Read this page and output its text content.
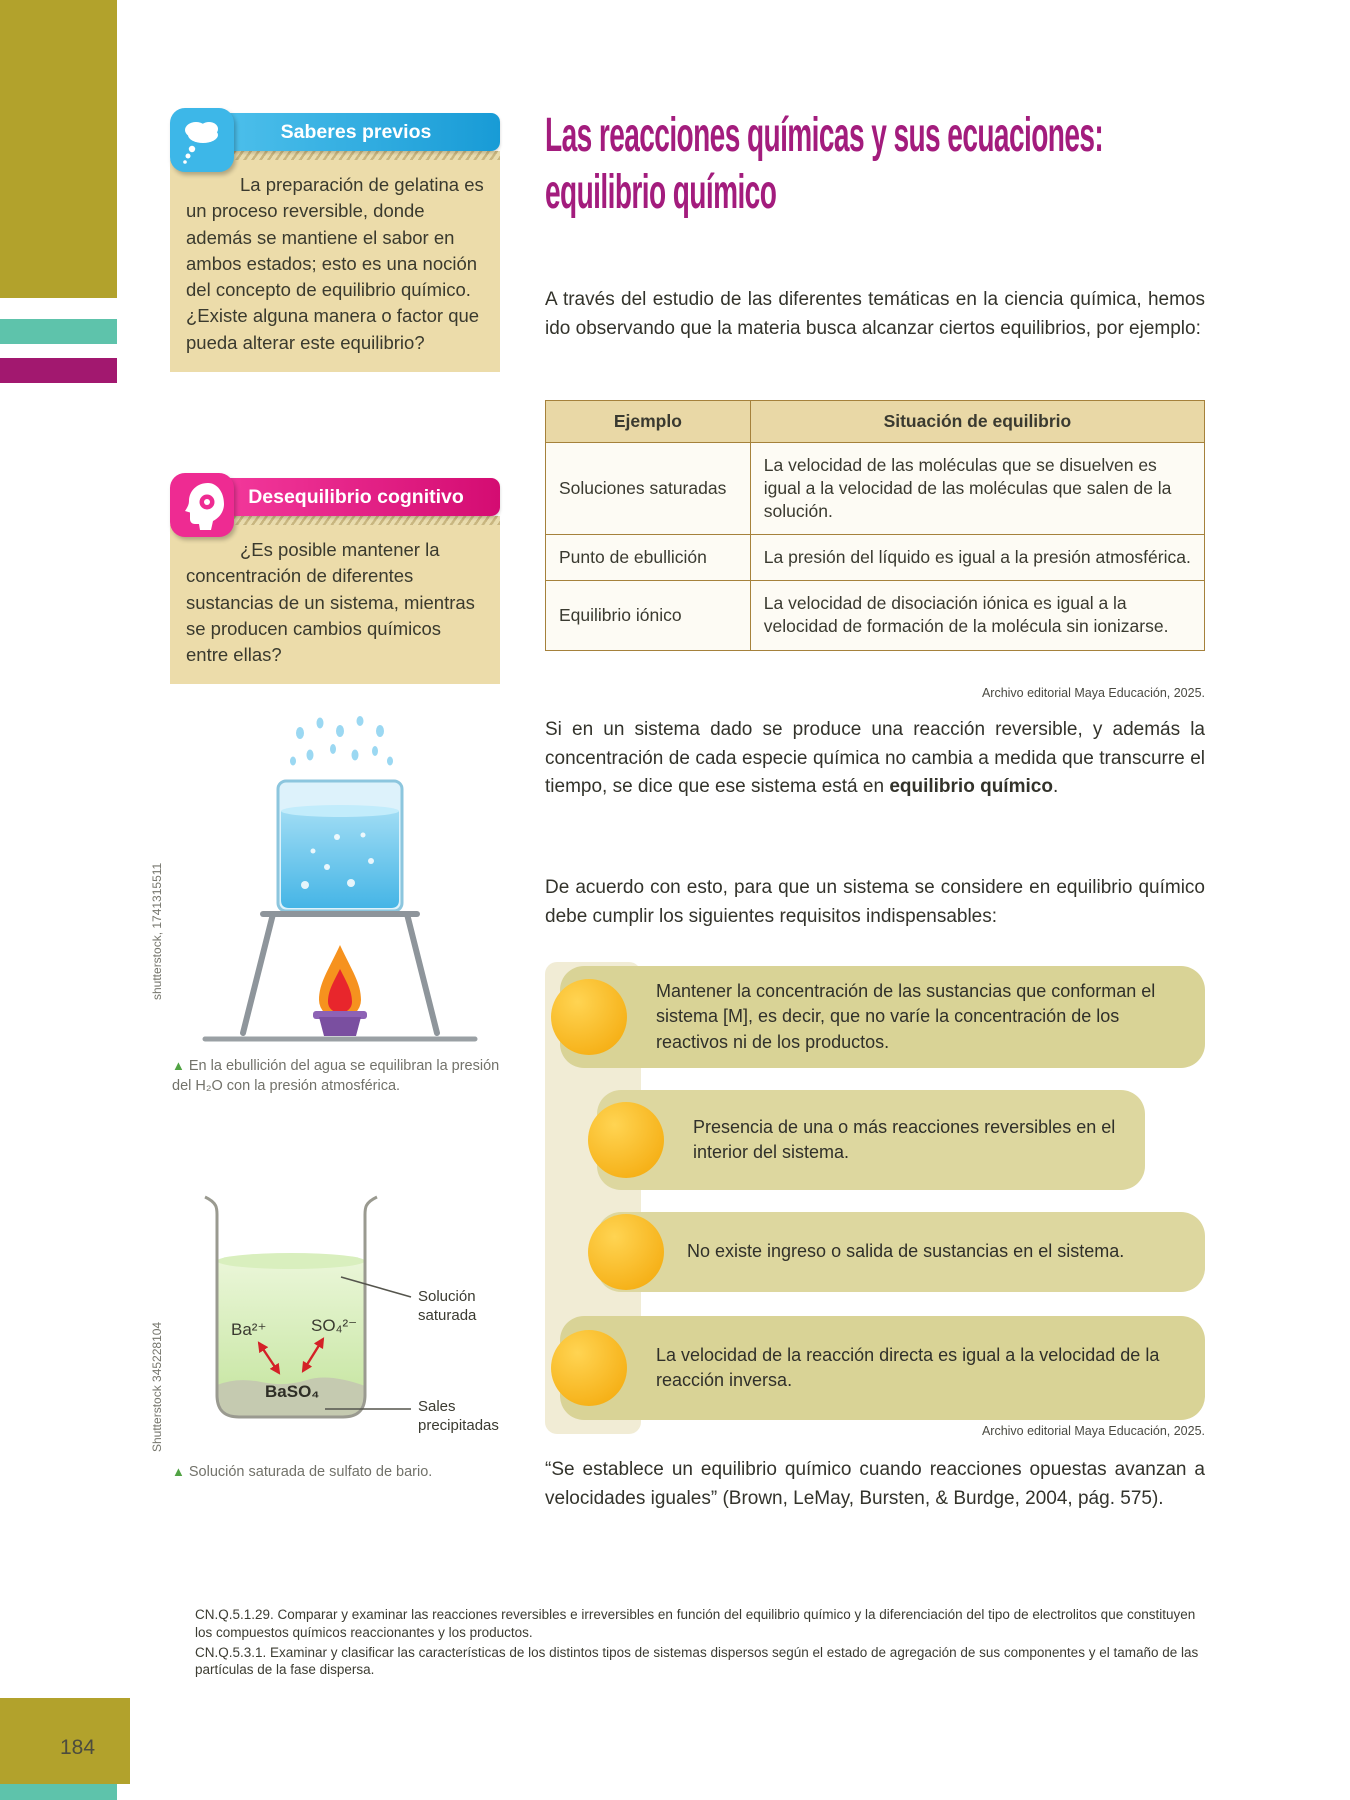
184
Saberes previos
La preparación de gelatina es un proceso reversible, donde además se mantiene el sabor en ambos estados; esto es una noción del concepto de equilibrio químico. ¿Existe alguna manera o factor que pueda alterar este equilibrio?
Desequilibrio cognitivo
¿Es posible mantener la concentración de diferentes sustancias de un sistema, mientras se producen cambios químicos entre ellas?
shutterstock, 1741315511

▲ En la ebullición del agua se equilibran la presión del H₂O con la presión atmosférica.

Shutterstock 345228104	Ba²⁺	SO₄²⁻
BaSO₄
Solución saturada
Sales precipitadas

▲ Solución saturada de sulfato de bario.

Las reacciones químicas y sus ecuaciones:
equilibrio químico

A través del estudio de las diferentes temáticas en la ciencia química, hemos ido observando que la materia busca alcanzar ciertos equilibrios, por ejemplo:

Ejemplo	Situación de equilibrio
Soluciones saturadas	La velocidad de las moléculas que se disuelven es igual a la velocidad de las moléculas que salen de la solución.
Punto de ebullición	La presión del líquido es igual a la presión atmosférica.
Equilibrio iónico	La velocidad de disociación iónica es igual a la velocidad de formación de la molécula sin ionizarse.

Archivo editorial Maya Educación, 2025.

Si en un sistema dado se produce una reacción reversible, y además la concentración de cada especie química no cambia a medida que transcurre el tiempo, se dice que ese sistema está en equilibrio químico.

De acuerdo con esto, para que un sistema se considere en equilibrio químico debe cumplir los siguientes requisitos indispensables:

Mantener la concentración de las sustancias que conforman el sistema [M], es decir, que no varíe la concentración de los reactivos ni de los productos.
Presencia de una o más reacciones reversibles en el interior del sistema.
No existe ingreso o salida de sustancias en el sistema.
La velocidad de la reacción directa es igual a la velocidad de la reacción inversa.

Archivo editorial Maya Educación, 2025.

“Se establece un equilibrio químico cuando reacciones opuestas avanzan a velocidades iguales” (Brown, LeMay, Bursten, & Burdge, 2004, pág. 575).

CN.Q.5.1.29. Comparar y examinar las reacciones reversibles e irreversibles en función del equilibrio químico y la diferenciación del tipo de electrolitos que constituyen los compuestos químicos reaccionantes y los productos.

CN.Q.5.3.1. Examinar y clasificar las características de los distintos tipos de sistemas dispersos según el estado de agregación de sus componentes y el tamaño de las partículas de la fase dispersa.
